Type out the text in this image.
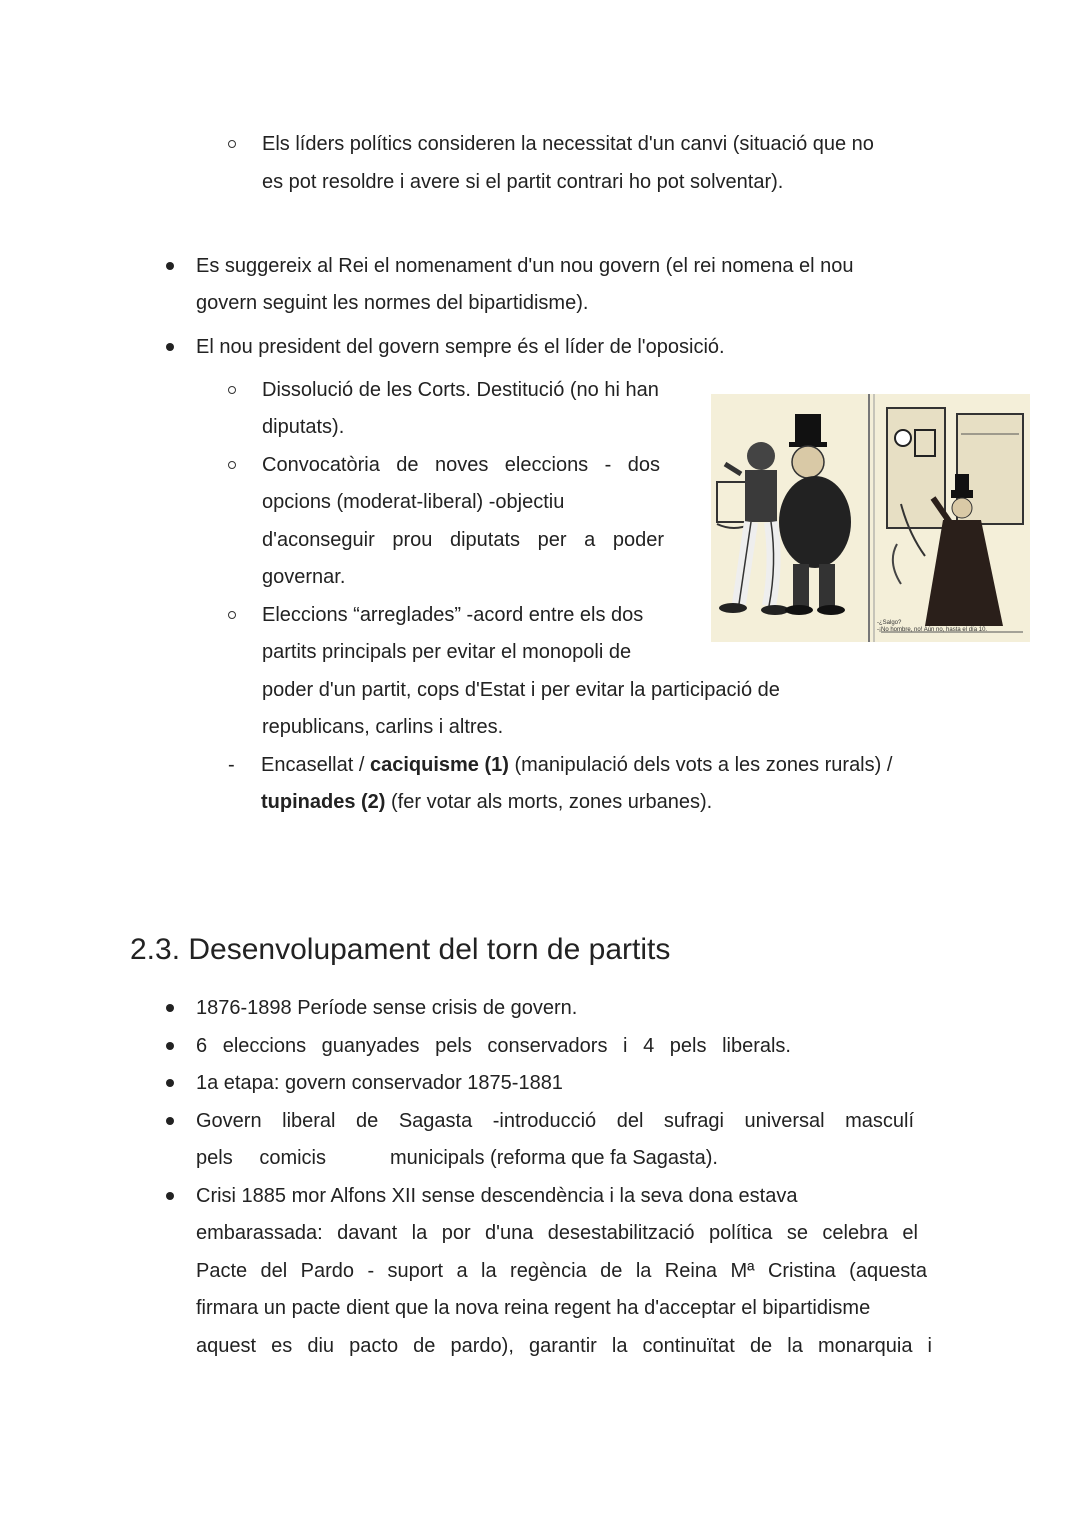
Els líders polítics consideren la necessitat d'un canvi (situació que no
es pot resoldre i avere si el partit contrari ho pot solventar).
Es suggereix al Rei el nomenament d'un nou govern (el rei nomena el nou
govern seguint les normes del bipartidisme).
El nou president del govern sempre és el líder de l'oposició.
Dissolució de les Corts. Destitució (no hi han
diputats).
Convocatòria de noves eleccions - dos
opcions (moderat-liberal) -objectiu
d'aconseguir prou diputats per a poder
governar.
Eleccions “arreglades” -acord entre els dos
partits principals per evitar el monopoli de
poder d'un partit, cops d'Estat i per evitar la participació de
republicans, carlins i altres.
- Encasellat / caciquisme (1) (manipulació dels vots a les zones rurals) /
tupinades (2) (fer votar als morts, zones urbanes).
-¿Salgo?
-¡No hombre, no! Aún no, hasta el día 10.
2.3. Desenvolupament del torn de partits
1876-1898 Període sense crisis de govern.
6 eleccions guanyades pels conservadors i 4 pels liberals.
1a etapa: govern conservador 1875-1881
Govern liberal de Sagasta -introducció del sufragi universal masculí
pels comicis	municipals (reforma que fa Sagasta).
Crisi 1885 mor Alfons XII sense descendència i la seva dona estava
embarassada: davant la por d'una desestabilització política se celebra el
Pacte del Pardo - suport a la regència de la Reina Mª Cristina (aquesta
firmara un pacte dient que la nova reina regent ha d'acceptar el bipartidisme
aquest es diu pacto de pardo), garantir la continuïtat de la monarquia i
